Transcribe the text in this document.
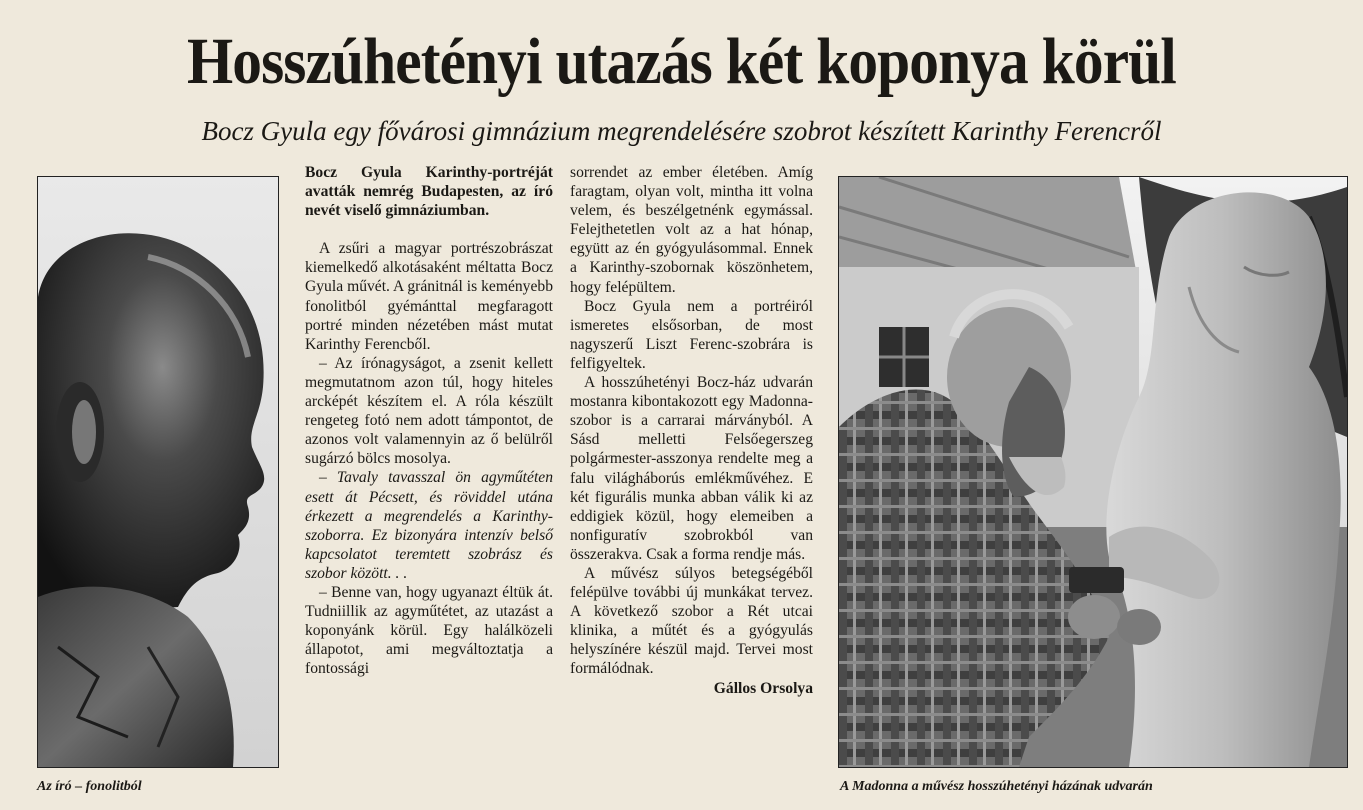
Hosszúhetényi utazás két koponya körül
Bocz Gyula egy fővárosi gimnázium megrendelésére szobrot készített Karinthy Ferencről

Bocz Gyula Karinthy-portréját avatták nemrég Budapesten, az író nevét viselő gimnáziumban.

A zsűri a magyar portrészobrászat kiemelkedő alkotásaként méltatta Bocz Gyula művét. A gránitnál is keményebb fonolitból gyémánttal megfaragott portré minden nézetében mást mutat Karinthy Ferencből.

– Az írónagyságot, a zsenit kellett megmutatnom azon túl, hogy hiteles arcképét készítem el. A róla készült rengeteg fotó nem adott támpontot, de azonos volt valamennyin az ő belülről sugárzó bölcs mosolya.

– Tavaly tavasszal ön agyműtéten esett át Pécsett, és röviddel utána érkezett a megrendelés a Karinthy-szoborra. Ez bizonyára intenzív belső kapcsolatot teremtett szobrász és szobor között. . .

– Benne van, hogy ugyanazt éltük át. Tudniillik az agyműtétet, az utazást a koponyánk körül. Egy halálközeli állapotot, ami megváltoztatja a fontossági

sorrendet az ember életében. Amíg faragtam, olyan volt, mintha itt volna velem, és beszélgetnénk egymással. Felejthetetlen volt az a hat hónap, együtt az én gyógyulásommal. Ennek a Karinthy-szobornak köszönhetem, hogy felépültem.

Bocz Gyula nem a portréiról ismeretes elsősorban, de most nagyszerű Liszt Ferenc-szobrára is felfigyeltek.

A hosszúhetényi Bocz-ház udvarán mostanra kibontakozott egy Madonna-szobor is a carrarai márványból. A Sásd melletti Felsőegerszeg polgármester-asszonya rendelte meg a falu világháborús emlékművéhez. E két figurális munka abban válik ki az eddigiek közül, hogy elemeiben a nonfiguratív szobrokból van összerakva. Csak a forma rendje más.

A művész súlyos betegségéből felépülve további új munkákat tervez. A következő szobor a Rét utcai klinika, a műtét és a gyógyulás helyszínére készül majd. Tervei most formálódnak.

Gállos Orsolya

Az író – fonolitból	A Madonna a művész hosszúhetényi házának udvarán
